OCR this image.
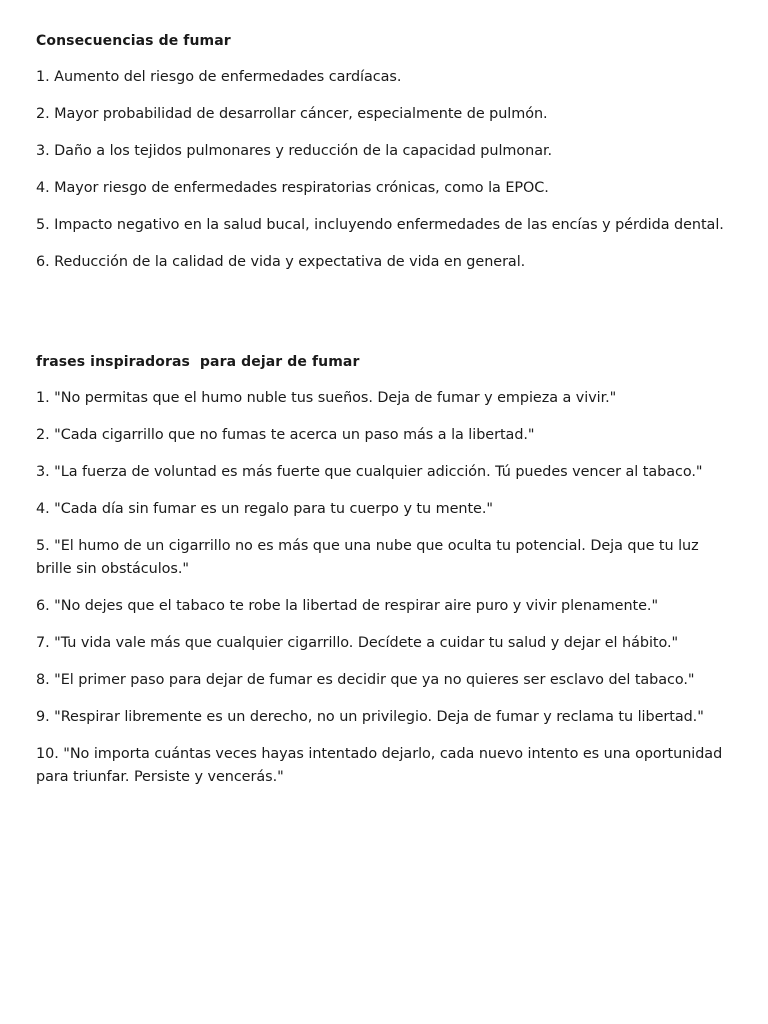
Consecuencias de fumar
1. Aumento del riesgo de enfermedades cardíacas.
2. Mayor probabilidad de desarrollar cáncer, especialmente de pulmón.
3. Daño a los tejidos pulmonares y reducción de la capacidad pulmonar.
4. Mayor riesgo de enfermedades respiratorias crónicas, como la EPOC.
5. Impacto negativo en la salud bucal, incluyendo enfermedades de las encías y pérdida dental.
6. Reducción de la calidad de vida y expectativa de vida en general.
frases inspiradoras  para dejar de fumar
1. "No permitas que el humo nuble tus sueños. Deja de fumar y empieza a vivir."
2. "Cada cigarrillo que no fumas te acerca un paso más a la libertad."
3. "La fuerza de voluntad es más fuerte que cualquier adicción. Tú puedes vencer al tabaco."
4. "Cada día sin fumar es un regalo para tu cuerpo y tu mente."
5. "El humo de un cigarrillo no es más que una nube que oculta tu potencial. Deja que tu luz brille sin obstáculos."
6. "No dejes que el tabaco te robe la libertad de respirar aire puro y vivir plenamente."
7. "Tu vida vale más que cualquier cigarrillo. Decídete a cuidar tu salud y dejar el hábito."
8. "El primer paso para dejar de fumar es decidir que ya no quieres ser esclavo del tabaco."
9. "Respirar libremente es un derecho, no un privilegio. Deja de fumar y reclama tu libertad."
10. "No importa cuántas veces hayas intentado dejarlo, cada nuevo intento es una oportunidad para triunfar. Persiste y vencerás."
